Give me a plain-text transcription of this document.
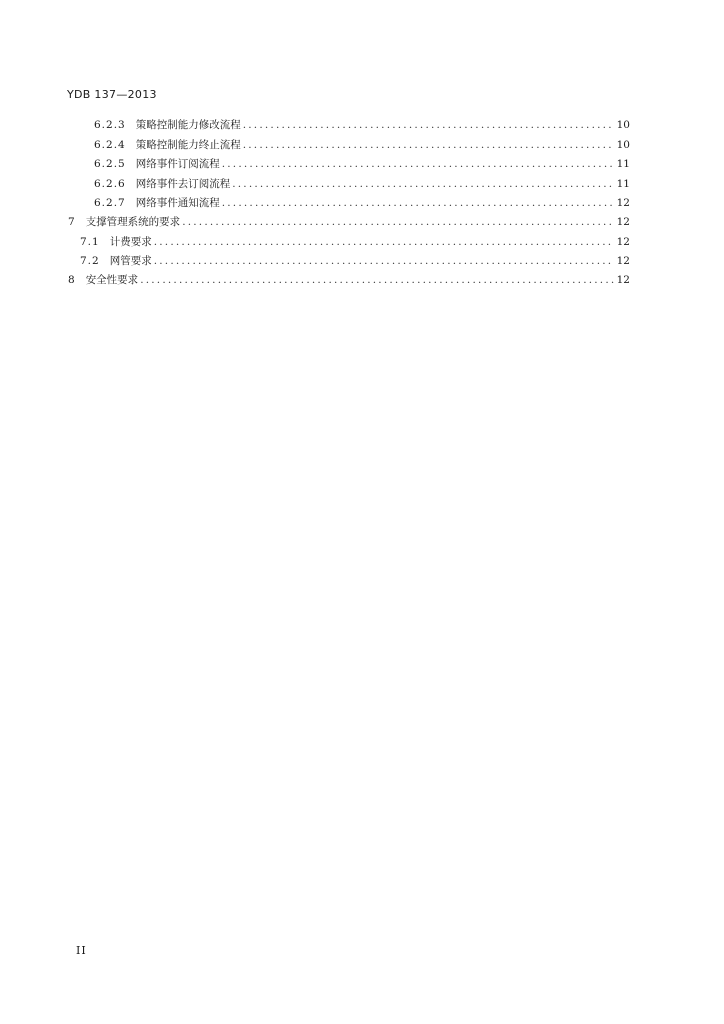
YDB 137—2013
6.2.3 策略控制能力修改流程 .....	10
6.2.4 策略控制能力终止流程 .....	10
6.2.5 网络事件订阅流程 .....	11
6.2.6 网络事件去订阅流程 .....	11
6.2.7 网络事件通知流程 .....	12
7 支撑管理系统的要求 .....	12
7.1 计费要求 .....	12
7.2 网管要求 .....	12
8 安全性要求 .....	12
II
